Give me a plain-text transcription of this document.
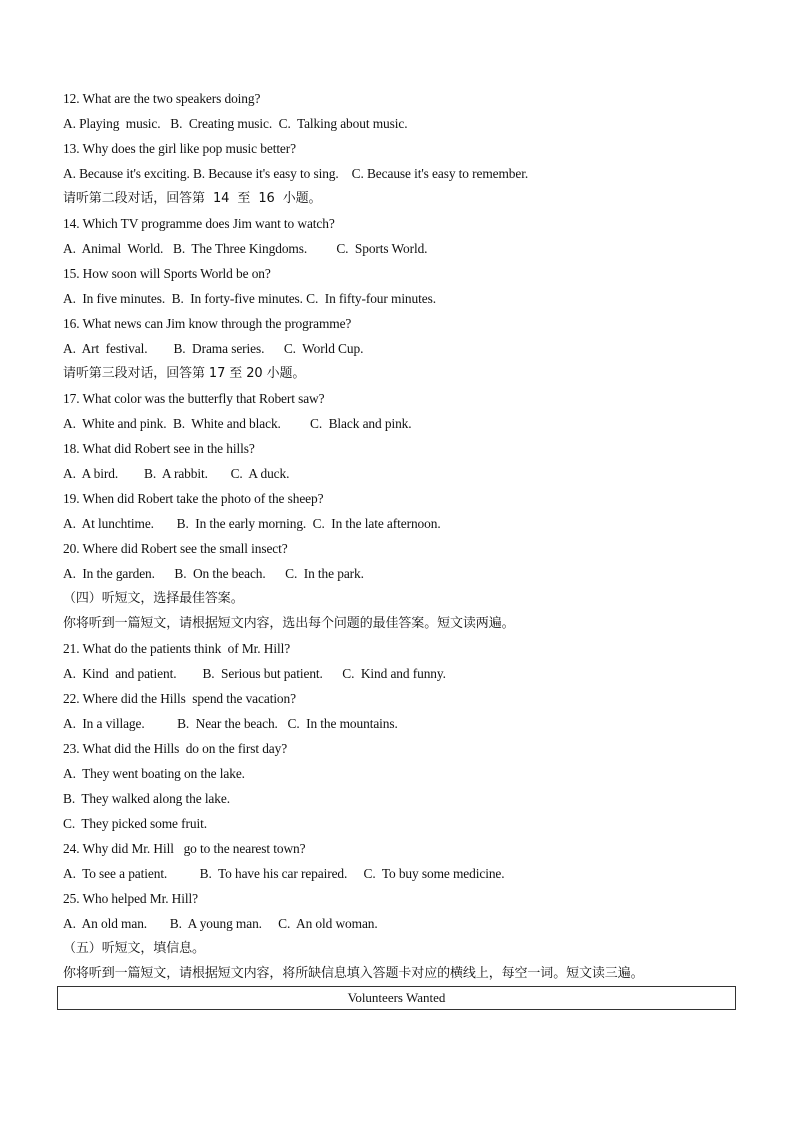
12. What are the two speakers doing?
A. Playing  music.   B.  Creating music.  C.  Talking about music.
13. Why does the girl like pop music better?
A. Because it's exciting. B. Because it's easy to sing.    C. Because it's easy to remember.
请听第二段对话，回答第  14  至  16  小题。
14. Which TV programme does Jim want to watch?
A.  Animal  World.   B.  The Three Kingdoms.         C.  Sports World.
15. How soon will Sports World be on?
A.  In five minutes.  B.  In forty-five minutes. C.  In fifty-four minutes.
16. What news can Jim know through the programme?
A.  Art  festival.        B.  Drama series.      C.  World Cup.
请听第三段对话，回答第 17 至 20 小题。
17. What color was the butterfly that Robert saw?
A.  White and pink.  B.  White and black.         C.  Black and pink.
18. What did Robert see in the hills?
A.  A bird.        B.  A rabbit.       C.  A duck.
19. When did Robert take the photo of the sheep?
A.  At lunchtime.       B.  In the early morning.  C.  In the late afternoon.
20. Where did Robert see the small insect?
A.  In the garden.      B.  On the beach.      C.  In the park.
（四）听短文，选择最佳答案。
你将听到一篇短文，请根据短文内容，选出每个问题的最佳答案。短文读两遍。
21. What do the patients think  of Mr. Hill?
A.  Kind  and patient.        B.  Serious but patient.      C.  Kind and funny.
22. Where did the Hills  spend the vacation?
A.  In a village.          B.  Near the beach.   C.  In the mountains.
23. What did the Hills  do on the first day?
A.  They went boating on the lake.
B.  They walked along the lake.
C.  They picked some fruit.
24. Why did Mr. Hill   go to the nearest town?
A.  To see a patient.          B.  To have his car repaired.     C.  To buy some medicine.
25. Who helped Mr. Hill?
A.  An old man.       B.  A young man.     C.  An old woman.
（五）听短文，填信息。
你将听到一篇短文，请根据短文内容，将所缺信息填入答题卡对应的横线上，每空一词。短文读三遍。
Volunteers Wanted
